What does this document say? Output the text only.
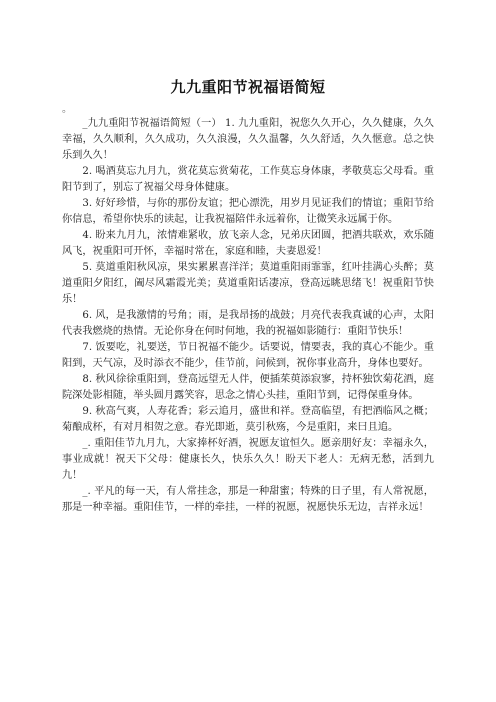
九九重阳节祝福语简短
。

_九九重阳节祝福语简短（一） 1. 九九重阳，祝您久久开心，久久健康，久久幸福，久久顺利，久久成功，久久浪漫，久久温馨，久久舒适，久久惬意。总之快乐到久久！

2. 喝酒莫忘九月九，赏花莫忘赏菊花，工作莫忘身体康，孝敬莫忘父母看。重阳节到了，别忘了祝福父母身体健康。

3. 好好珍惜，与你的那份友谊；把心漂洗，用岁月见证我们的情谊；重阳节给你信息，希望你快乐的读起，让我祝福陪伴永远着你，让微笑永远属于你。

4. 盼来九月九，浓情难紧收，放飞亲人念，兄弟庆团圆，把酒共联欢，欢乐随风飞，祝重阳可开怀，幸福时常在，家庭和睦，夫妻恩爱！

5. 莫道重阳秋风凉，果实累累喜洋洋；莫道重阳雨霏霏，红叶挂满心头醉；莫道重阳夕阳红，阖尽风霜霞光美；莫道重阳话凄凉，登高远眺思绪飞！祝重阳节快乐！

6. 风，是我激情的号角；雨，是我昂扬的战鼓；月亮代表我真诚的心声，太阳代表我燃烧的热情。无论你身在何时何地，我的祝福如影随行：重阳节快乐！

7. 饭要吃，礼要送，节日祝福不能少。话要说，情要表，我的真心不能少。重阳到，天气凉，及时添衣不能少，佳节前，问候到，祝你事业高升，身体也要好。

8. 秋风徐徐重阳到，登高远望无人伴，便插茱萸添寂寥，持杯独饮菊花酒，庭院深处影相随，举头圆月露笑容，思念之情心头挂，重阳节到，记得保重身体。

9. 秋高气爽，人寿花香；彩云追月，盛世和祥。登高临望，有把酒临风之概；菊酿成杯，有对月相贺之意。春光即逝，莫引秋殇，今是重阳，来曰且追。

_. 重阳佳节九月九，大家捧杯好酒，祝愿友谊恒久。愿亲朋好友：幸福永久，事业成就！祝天下父母：健康长久，快乐久久！盼天下老人：无病无愁，活到九九！

_. 平凡的每一天，有人常挂念，那是一种甜蜜；特殊的日子里，有人常祝愿，那是一种幸福。重阳佳节，一样的牵挂，一样的祝愿，祝愿快乐无边，吉祥永远！
